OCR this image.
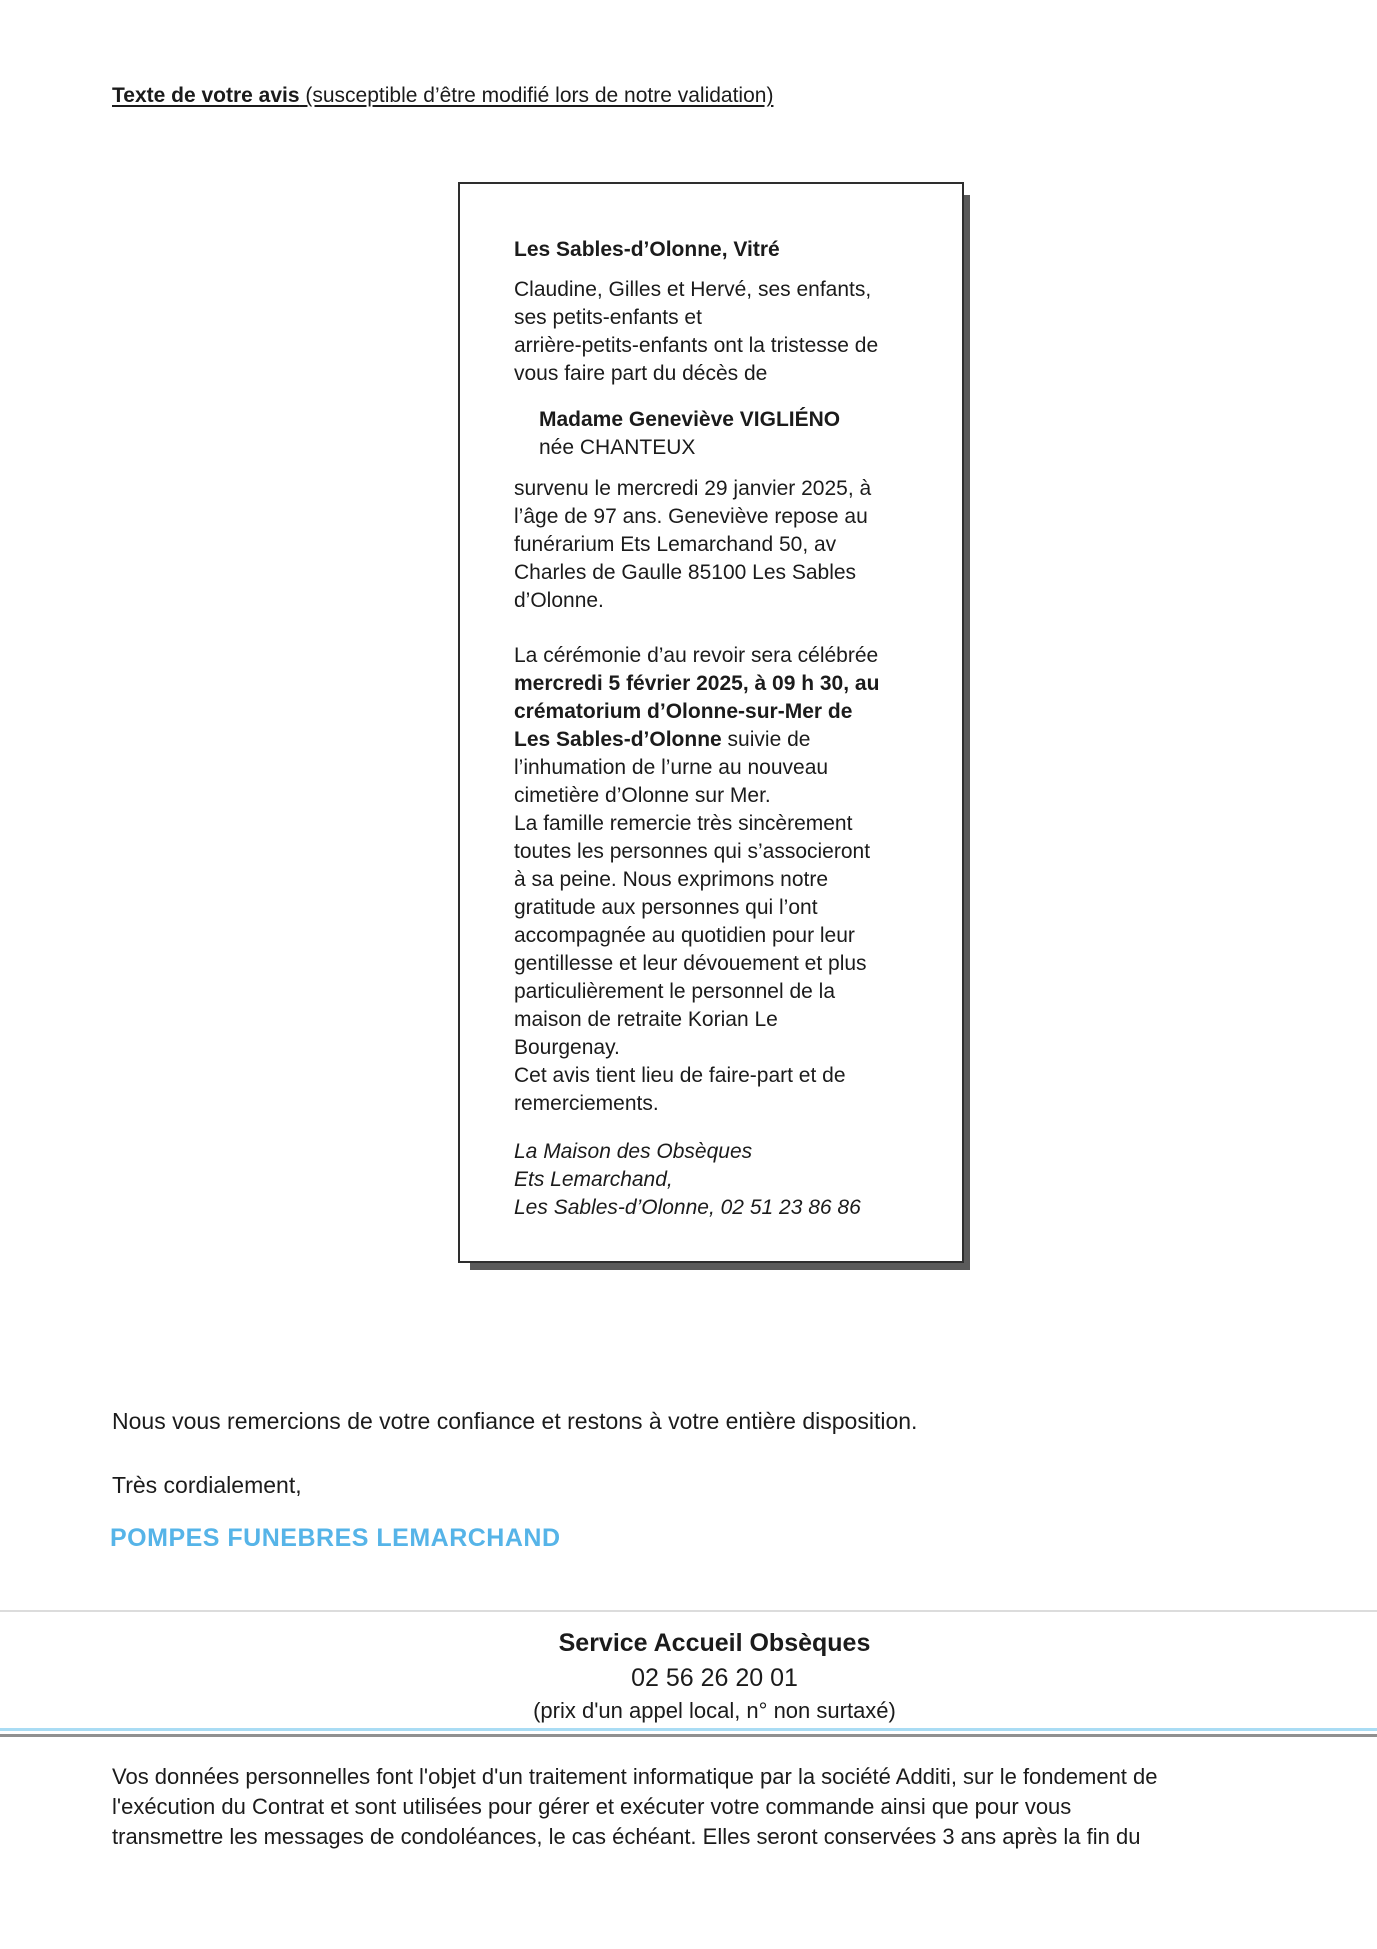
Texte de votre avis (susceptible d’être modifié lors de notre validation)
Les Sables-d’Olonne, Vitré
Claudine, Gilles et Hervé, ses enfants,
ses petits-enfants et
arrière-petits-enfants ont la tristesse de
vous faire part du décès de
Madame Geneviève VIGLIÉNO
née CHANTEUX
survenu le mercredi 29 janvier 2025, à
l’âge de 97 ans. Geneviève repose au
funérarium Ets Lemarchand 50, av
Charles de Gaulle 85100 Les Sables
d’Olonne.
La cérémonie d’au revoir sera célébrée
mercredi 5 février 2025, à 09 h 30, au
crématorium d’Olonne-sur-Mer de
Les Sables-d’Olonne suivie de
l’inhumation de l’urne au nouveau
cimetière d’Olonne sur Mer.
La famille remercie très sincèrement
toutes les personnes qui s’associeront
à sa peine. Nous exprimons notre
gratitude aux personnes qui l’ont
accompagnée au quotidien pour leur
gentillesse et leur dévouement et plus
particulièrement le personnel de la
maison de retraite Korian Le
Bourgenay.
Cet avis tient lieu de faire-part et de
remerciements.
La Maison des Obsèques
Ets Lemarchand,
Les Sables-d’Olonne, 02 51 23 86 86
Nous vous remercions de votre confiance et restons à votre entière disposition.
Très cordialement,
POMPES FUNEBRES LEMARCHAND
Service Accueil Obsèques
02 56 26 20 01
(prix d'un appel local, n° non surtaxé)
Vos données personnelles font l'objet d'un traitement informatique par la société Additi, sur le fondement de
l'exécution du Contrat et sont utilisées pour gérer et exécuter votre commande ainsi que pour vous
transmettre les messages de condoléances, le cas échéant. Elles seront conservées 3 ans après la fin du
